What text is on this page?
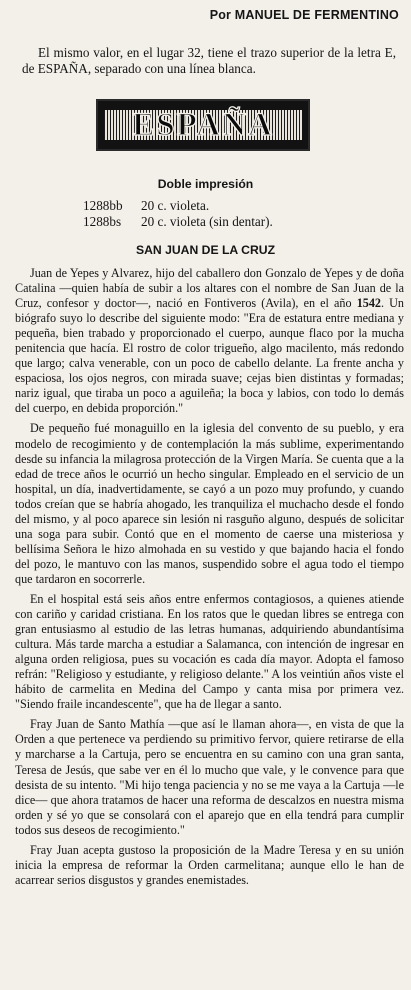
Por MANUEL DE FERMENTINO
El mismo valor, en el lugar 32, tiene el trazo superior de la letra E, de ESPAÑA, separado con una línea blanca.
ESPAÑA
Doble impresión
1288bb 20 c. violeta.
1288bs 20 c. violeta (sin dentar).
SAN JUAN DE LA CRUZ

Juan de Yepes y Alvarez, hijo del caballero don Gonzalo de Yepes y de doña Catalina —quien había de subir a los altares con el nombre de San Juan de la Cruz, confesor y doctor—, nació en Fontiveros (Avila), en el año 1542. Un biógrafo suyo lo describe del siguiente modo: "Era de estatura entre mediana y pequeña, bien trabado y proporcionado el cuerpo, aunque flaco por la mucha penitencia que hacía. El rostro de color trigueño, algo macilento, más redondo que largo; calva venerable, con un poco de cabello delante. La frente ancha y espaciosa, los ojos negros, con mirada suave; cejas bien distintas y formadas; nariz igual, que tiraba un poco a aguileña; la boca y labios, con todo lo demás del cuerpo, en debida proporción."

De pequeño fué monaguillo en la iglesia del convento de su pueblo, y era modelo de recogimiento y de contemplación la más sublime, experimentando desde su infancia la milagrosa protección de la Virgen María. Se cuenta que a la edad de trece años le ocurrió un hecho singular. Empleado en el servicio de un hospital, un día, inadvertidamente, se cayó a un pozo muy profundo, y cuando todos creían que se habría ahogado, les tranquiliza el muchacho desde el fondo del mismo, y al poco aparece sin lesión ni rasguño alguno, después de solicitar una soga para subir. Contó que en el momento de caerse una misteriosa y bellísima Señora le hizo almohada en su vestido y que bajando hacia el fondo del pozo, le mantuvo con las manos, suspendido sobre el agua todo el tiempo que tardaron en socorrerle.

En el hospital está seis años entre enfermos contagiosos, a quienes atiende con cariño y caridad cristiana. En los ratos que le quedan libres se entrega con gran entusiasmo al estudio de las letras humanas, adquiriendo abundantísima cultura. Más tarde marcha a estudiar a Salamanca, con intención de ingresar en alguna orden religiosa, pues su vocación es cada día mayor. Adopta el famoso refrán: "Religioso y estudiante, y religioso delante." A los veintiún años viste el hábito de carmelita en Medina del Campo y canta misa por primera vez. "Siendo fraile incandescente", que ha de llegar a santo.

Fray Juan de Santo Mathía —que así le llaman ahora—, en vista de que la Orden a que pertenece va perdiendo su primitivo fervor, quiere retirarse de ella y marcharse a la Cartuja, pero se encuentra en su camino con una gran santa, Teresa de Jesús, que sabe ver en él lo mucho que vale, y le convence para que desista de su intento. "Mi hijo tenga paciencia y no se me vaya a la Cartuja —le dice— que ahora tratamos de hacer una reforma de descalzos en nuestra misma orden y sé yo que se consolará con el aparejo que en ella tendrá para cumplir todos sus deseos de recogimiento."

Fray Juan acepta gustoso la proposición de la Madre Teresa y en su unión inicia la empresa de reformar la Orden carmelitana; aunque ello le han de acarrear serios disgustos y grandes enemistades.
